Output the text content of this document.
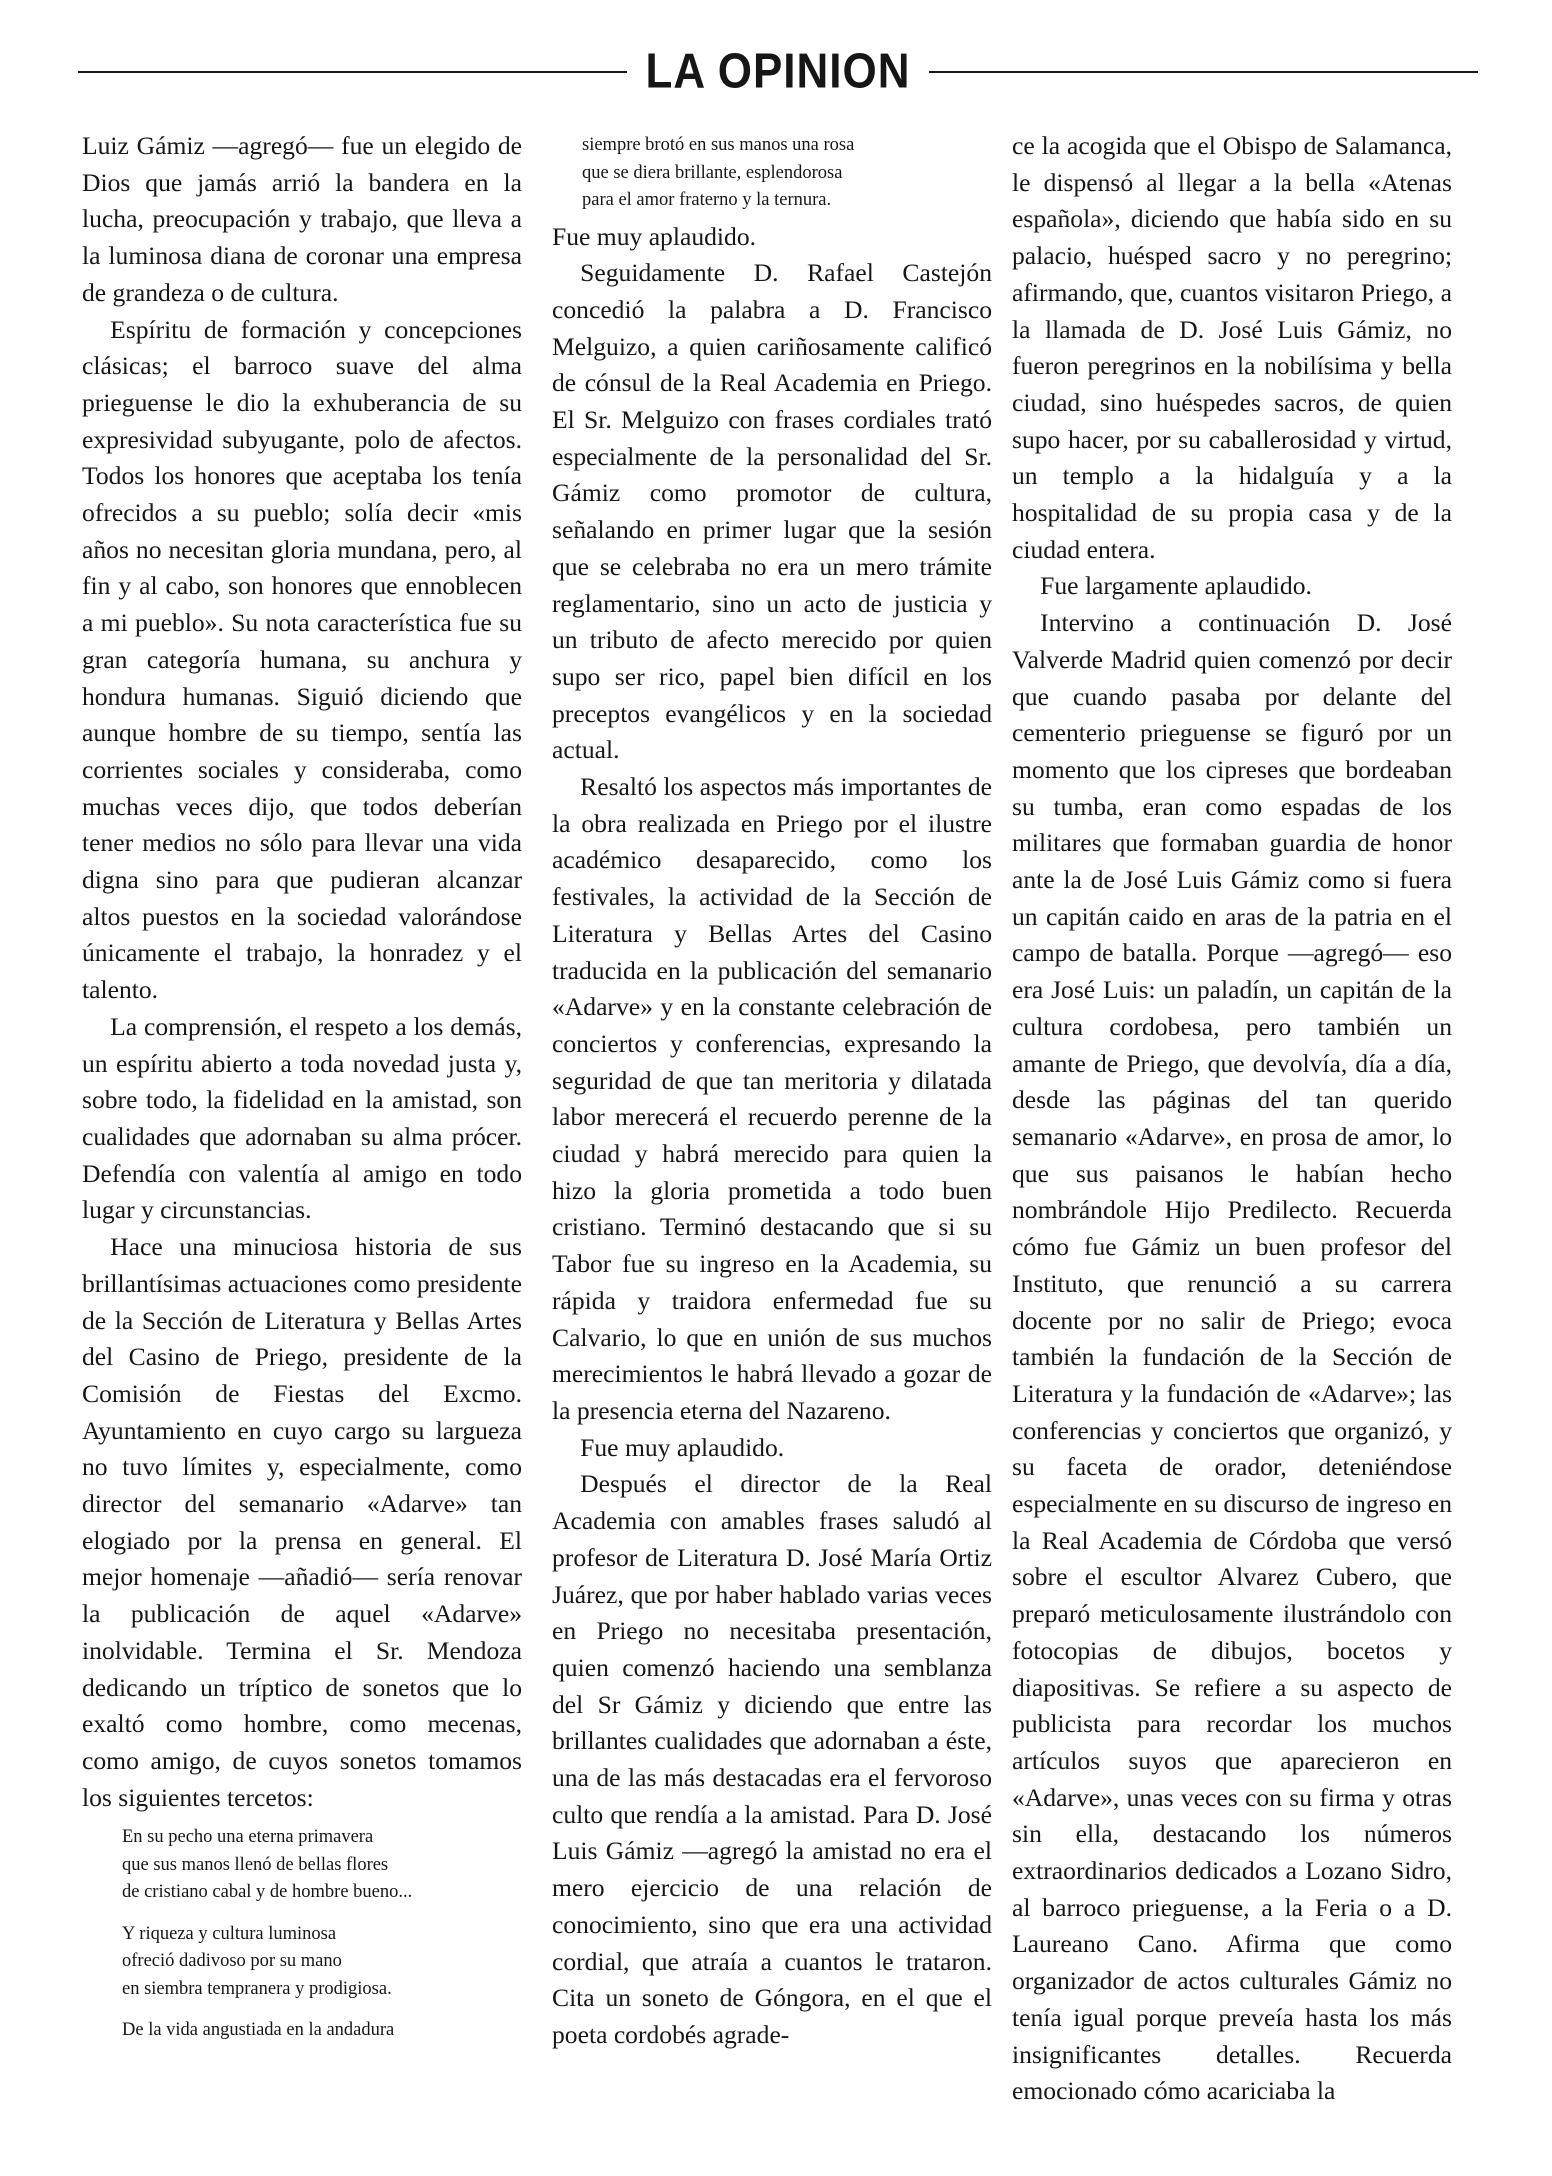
LA OPINION

Luiz Gámiz —agregó— fue un elegido de Dios que jamás arrió la bandera en la lucha, preocupación y trabajo, que lleva a la luminosa diana de coronar una empresa de grandeza o de cultura.

Espíritu de formación y concepciones clásicas; el barroco suave del alma prieguense le dio la exhuberancia de su expresividad subyugante, polo de afectos. Todos los honores que aceptaba los tenía ofrecidos a su pueblo; solía decir «mis años no necesitan gloria mundana, pero, al fin y al cabo, son honores que ennoblecen a mi pueblo». Su nota característica fue su gran categoría humana, su anchura y hondura humanas. Siguió diciendo que aunque hombre de su tiempo, sentía las corrientes sociales y consideraba, como muchas veces dijo, que todos deberían tener medios no sólo para llevar una vida digna sino para que pudieran alcanzar altos puestos en la sociedad valorándose únicamente el trabajo, la honradez y el talento.

La comprensión, el respeto a los demás, un espíritu abierto a toda novedad justa y, sobre todo, la fidelidad en la amistad, son cualidades que adornaban su alma prócer. Defendía con valentía al amigo en todo lugar y circunstancias.

Hace una minuciosa historia de sus brillantísimas actuaciones como presidente de la Sección de Literatura y Bellas Artes del Casino de Priego, presidente de la Comisión de Fiestas del Excmo. Ayuntamiento en cuyo cargo su largueza no tuvo límites y, especialmente, como director del semanario «Adarve» tan elogiado por la prensa en general. El mejor homenaje —añadió— sería renovar la publicación de aquel «Adarve» inolvidable. Termina el Sr. Mendoza dedicando un tríptico de sonetos que lo exaltó como hombre, como mecenas, como amigo, de cuyos sonetos tomamos los siguientes tercetos:

En su pecho una eterna primavera
que sus manos llenó de bellas flores
de cristiano cabal y de hombre bueno...
Y riqueza y cultura luminosa
ofreció dadivoso por su mano
en siembra tempranera y prodigiosa.
De la vida angustiada en la andadura
siempre brotó en sus manos una rosa
que se diera brillante, esplendorosa
para el amor fraterno y la ternura.

Fue muy aplaudido.

Seguidamente D. Rafael Castejón concedió la palabra a D. Francisco Melguizo, a quien cariñosamente calificó de cónsul de la Real Academia en Priego. El Sr. Melguizo con frases cordiales trató especialmente de la personalidad del Sr. Gámiz como promotor de cultura, señalando en primer lugar que la sesión que se celebraba no era un mero trámite reglamentario, sino un acto de justicia y un tributo de afecto merecido por quien supo ser rico, papel bien difícil en los preceptos evangélicos y en la sociedad actual.

Resaltó los aspectos más importantes de la obra realizada en Priego por el ilustre académico desaparecido, como los festivales, la actividad de la Sección de Literatura y Bellas Artes del Casino traducida en la publicación del semanario «Adarve» y en la constante celebración de conciertos y conferencias, expresando la seguridad de que tan meritoria y dilatada labor merecerá el recuerdo perenne de la ciudad y habrá merecido para quien la hizo la gloria prometida a todo buen cristiano. Terminó destacando que si su Tabor fue su ingreso en la Academia, su rápida y traidora enfermedad fue su Calvario, lo que en unión de sus muchos merecimientos le habrá llevado a gozar de la presencia eterna del Nazareno.

Fue muy aplaudido.

Después el director de la Real Academia con amables frases saludó al profesor de Literatura D. José María Ortiz Juárez, que por haber hablado varias veces en Priego no necesitaba presentación, quien comenzó haciendo una semblanza del Sr Gámiz y diciendo que entre las brillantes cualidades que adornaban a éste, una de las más destacadas era el fervoroso culto que rendía a la amistad. Para D. José Luis Gámiz —agregó la amistad no era el mero ejercicio de una relación de conocimiento, sino que era una actividad cordial, que atraía a cuantos le trataron. Cita un soneto de Góngora, en el que el poeta cordobés agrade-

ce la acogida que el Obispo de Salamanca, le dispensó al llegar a la bella «Atenas española», diciendo que había sido en su palacio, huésped sacro y no peregrino; afirmando, que, cuantos visitaron Priego, a la llamada de D. José Luis Gámiz, no fueron peregrinos en la nobilísima y bella ciudad, sino huéspedes sacros, de quien supo hacer, por su caballerosidad y virtud, un templo a la hidalguía y a la hospitalidad de su propia casa y de la ciudad entera.

Fue largamente aplaudido.

Intervino a continuación D. José Valverde Madrid quien comenzó por decir que cuando pasaba por delante del cementerio prieguense se figuró por un momento que los cipreses que bordeaban su tumba, eran como espadas de los militares que formaban guardia de honor ante la de José Luis Gámiz como si fuera un capitán caido en aras de la patria en el campo de batalla. Porque —agregó— eso era José Luis: un paladín, un capitán de la cultura cordobesa, pero también un amante de Priego, que devolvía, día a día, desde las páginas del tan querido semanario «Adarve», en prosa de amor, lo que sus paisanos le habían hecho nombrándole Hijo Predilecto. Recuerda cómo fue Gámiz un buen profesor del Instituto, que renunció a su carrera docente por no salir de Priego; evoca también la fundación de la Sección de Literatura y la fundación de «Adarve»; las conferencias y conciertos que organizó, y su faceta de orador, deteniéndose especialmente en su discurso de ingreso en la Real Academia de Córdoba que versó sobre el escultor Alvarez Cubero, que preparó meticulosamente ilustrándolo con fotocopias de dibujos, bocetos y diapositivas. Se refiere a su aspecto de publicista para recordar los muchos artículos suyos que aparecieron en «Adarve», unas veces con su firma y otras sin ella, destacando los números extraordinarios dedicados a Lozano Sidro, al barroco prieguense, a la Feria o a D. Laureano Cano. Afirma que como organizador de actos culturales Gámiz no tenía igual porque preveía hasta los más insignificantes detalles. Recuerda emocionado cómo acariciaba la
